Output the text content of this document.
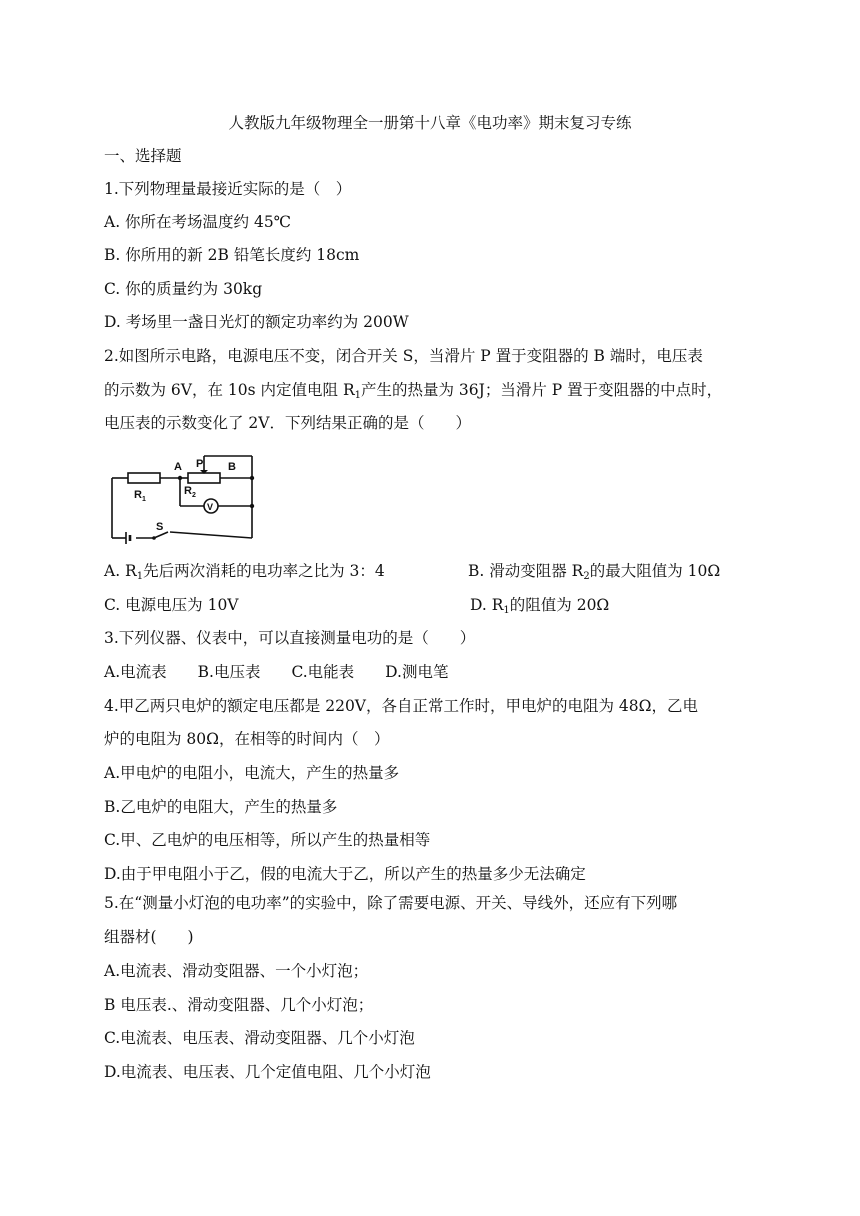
人教版九年级物理全一册第十八章《电功率》期末复习专练
一、选择题
1.下列物理量最接近实际的是（　）
A. 你所在考场温度约 45℃
B. 你所用的新 2B 铅笔长度约 18cm
C. 你的质量约为 30kg
D. 考场里一盏日光灯的额定功率约为 200W
2.如图所示电路，电源电压不变，闭合开关 S，当滑片 P 置于变阻器的 B 端时，电压表
的示数为 6V，在 10s 内定值电阻 $R_1$产生的热量为 36J；当滑片 P 置于变阻器的中点时，
电压表的示数变化了 2V．下列结果正确的是（　　）
A P B
R 1
R 2
V
S
A. $R_1$先后两次消耗的电功率之比为 3：4	B. 滑动变阻器 $R_2$的最大阻值为 10Ω
C. 电源电压为 10V	D. $R_1$的阻值为 20Ω
3.下列仪器、仪表中，可以直接测量电功的是（　　）
A.电流表　　B.电压表　　C.电能表　　D.测电笔
4.甲乙两只电炉的额定电压都是 220V，各自正常工作时，甲电炉的电阻为 48Ω，乙电
炉的电阻为 80Ω，在相等的时间内（　）
A.甲电炉的电阻小，电流大，产生的热量多
B.乙电炉的电阻大，产生的热量多
C.甲、乙电炉的电压相等，所以产生的热量相等
D.由于甲电阻小于乙，假的电流大于乙，所以产生的热量多少无法确定
5.在“测量小灯泡的电功率”的实验中，除了需要电源、开关、导线外，还应有下列哪
组器材(　　)
A.电流表、滑动变阻器、一个小灯泡；
B 电压表.、滑动变阻器、几个小灯泡；
C.电流表、电压表、滑动变阻器、几个小灯泡
D.电流表、电压表、几个定值电阻、几个小灯泡
